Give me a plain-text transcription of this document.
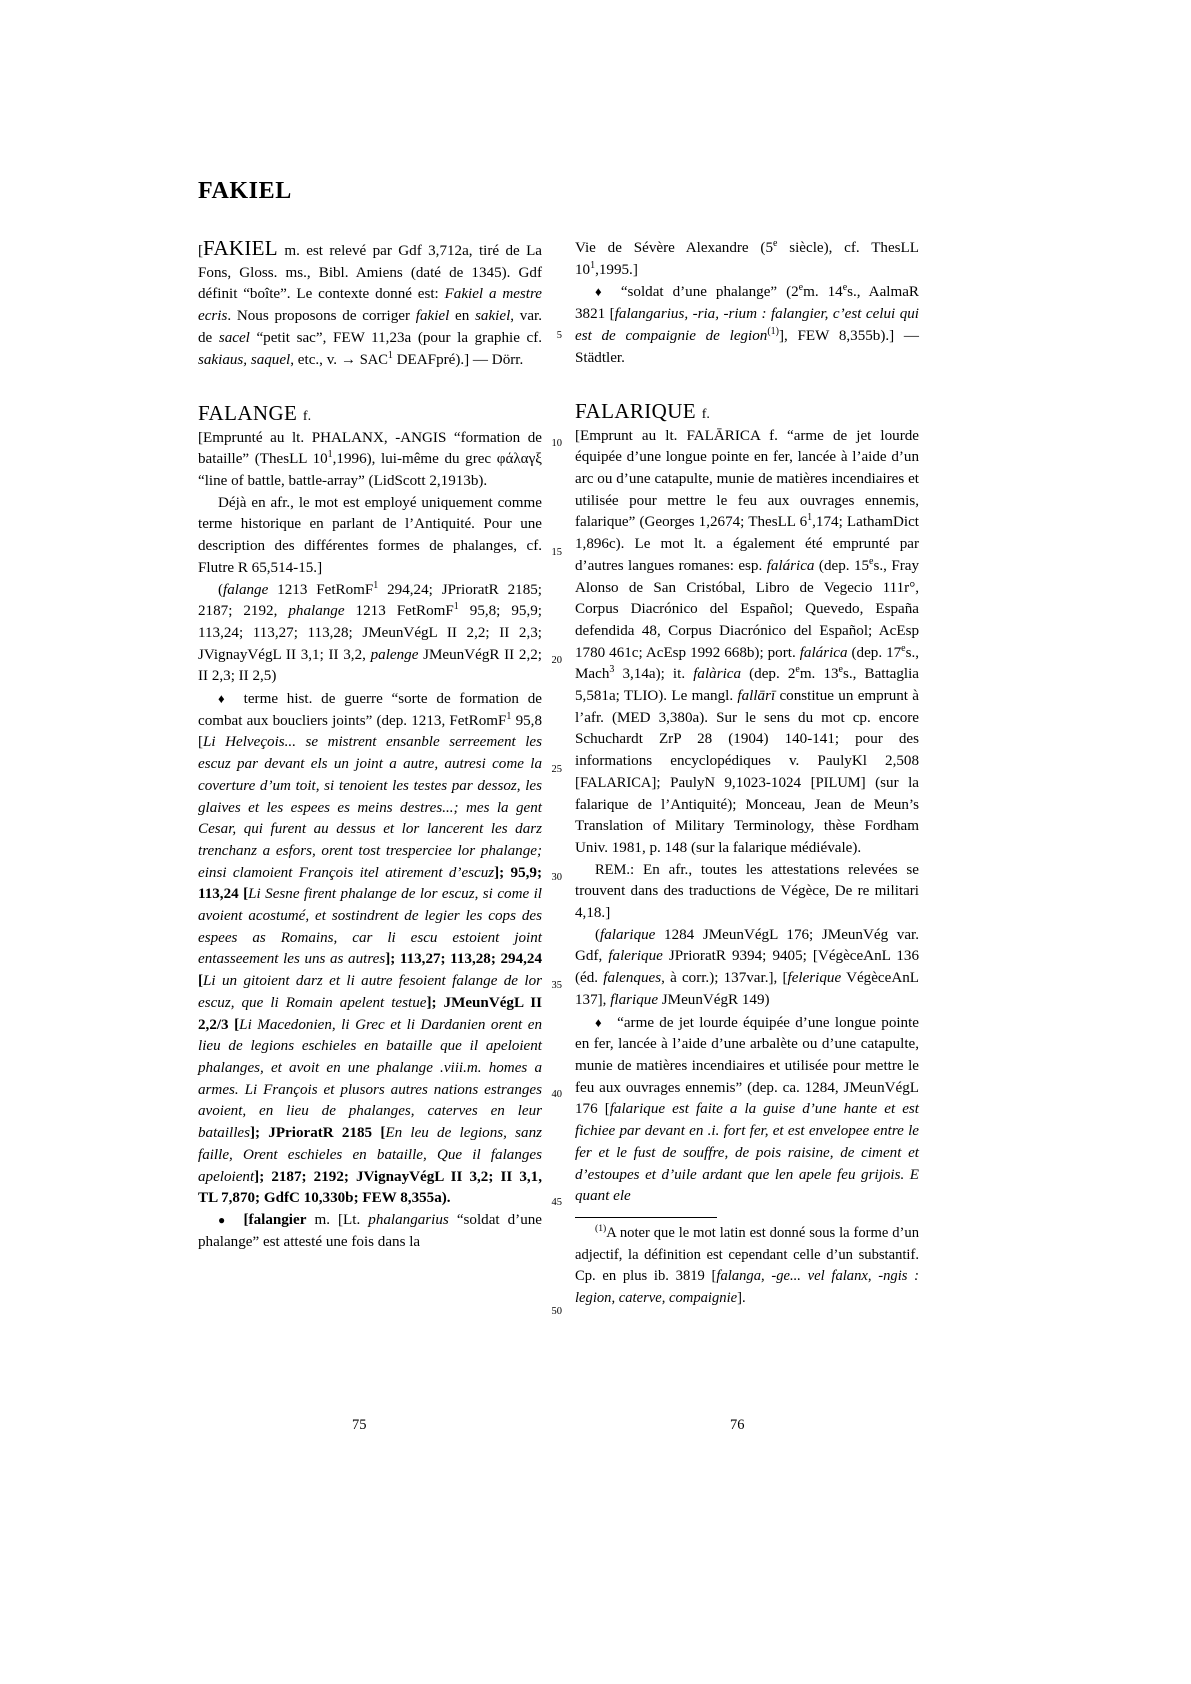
FAKIEL
5
10
15
20
25
30
35
40
45
50

[FAKIEL m. est relevé par Gdf 3,712a, tiré de La Fons, Gloss. ms., Bibl. Amiens (daté de 1345). Gdf définit “boîte”. Le contexte donné est: Fakiel a mestre ecris. Nous proposons de corriger fakiel en sakiel, var. de sacel “petit sac”, FEW 11,23a (pour la graphie cf. sakiaus, saquel, etc., v. → $SAC^1$ DEAFpré).] — Dörr.

FALANGE f.

[Emprunté au lt. PHALANX, -ANGIS “formation de bataille” (ThesLL $10^1,1996$), lui-même du grec φάλαγξ “line of battle, battle-array” (LidScott 2,1913b).

Déjà en afr., le mot est employé uniquement comme terme historique en parlant de l’Antiquité. Pour une description des différentes formes de phalanges, cf. Flutre R 65,514-15.]

(falange 1213 FetRomF$^1$ 294,24; JPrioratR 2185; 2187; 2192, phalange 1213 FetRomF$^1$ 95,8; 95,9; 113,24; 113,27; 113,28; JMeunVégL II 2,2; II 2,3; JVignayVégL II 3,1; II 3,2, palenge JMeunVégR II 2,2; II 2,3; II 2,5)

♦ terme hist. de guerre “sorte de formation de combat aux boucliers joints” (dep. 1213, FetRomF$^1$ 95,8 [Li Helveçois... se mistrent ensanble serreement les escuz par devant els un joint a autre, autresi come la coverture d’um toit, si tenoient les testes par dessoz, les glaives et les espees es meins destres...; mes la gent Cesar, qui furent au dessus et lor lancerent les darz trenchanz a esfors, orent tost tresperciee lor phalange; einsi clamoient François itel atirement d’escuz]; 95,9; 113,24 [Li Sesne firent phalange de lor escuz, si come il avoient acostumé, et sostindrent de legier les cops des espees as Romains, car li escu estoient joint entasseement les uns as autres]; 113,27; 113,28; 294,24 [Li un gitoient darz et li autre fesoient falange de lor escuz, que li Romain apelent testue]; JMeunVégL II 2,2/3 [Li Macedonien, li Grec et li Dardanien orent en lieu de legions eschieles en bataille que il apeloient phalanges, et avoit en une phalange .viii.m. homes a armes. Li François et plusors autres nations estranges avoient, en lieu de phalanges, caterves en leur batailles]; JPrioratR 2185 [En leu de legions, sanz faille, Orent eschieles en bataille, Que il falanges apeloient]; 2187; 2192; JVignayVégL II 3,2; II 3,1, TL 7,870; GdfC 10,330b; FEW 8,355a).

● [falangier m. [Lt. phalangarius “soldat d’une phalange” est attesté une fois dans la

Vie de Sévère Alexandre (5e siècle), cf. ThesLL $10^1,1995$.]

♦ “soldat d’une phalange” (2em. 14es., AalmaR 3821 [falangarius, -ria, -rium : falangier, c’est celui qui est de compaignie de legion$^{(1)}$], FEW 8,355b).] — Städtler.

FALARIQUE f.

[Emprunt au lt. FALĀRICA f. “arme de jet lourde équipée d’une longue pointe en fer, lancée à l’aide d’un arc ou d’une catapulte, munie de matières incendiaires et utilisée pour mettre le feu aux ouvrages ennemis, falarique” (Georges 1,2674; ThesLL $6^1,174$; LathamDict 1,896c). Le mot lt. a également été emprunté par d’autres langues romanes: esp. falárica (dep. 15es., Fray Alonso de San Cristóbal, Libro de Vegecio 111r°, Corpus Diacrónico del Español; Quevedo, España defendida 48, Corpus Diacrónico del Español; AcEsp 1780 461c; AcEsp 1992 668b); port. falárica (dep. 17es., Mach$^3$ 3,14a); it. falàrica (dep. 2em. 13es., Battaglia 5,581a; TLIO). Le mangl. fallārī constitue un emprunt à l’afr. (MED 3,380a). Sur le sens du mot cp. encore Schuchardt ZrP 28 (1904) 140-141; pour des informations encyclopédiques v. PaulyKl 2,508 [FALARICA]; PaulyN 9,1023-1024 [PILUM] (sur la falarique de l’Antiquité); Monceau, Jean de Meun’s Translation of Military Terminology, thèse Fordham Univ. 1981, p. 148 (sur la falarique médiévale).

REM.: En afr., toutes les attestations relevées se trouvent dans des traductions de Végèce, De re militari 4,18.]

(falarique 1284 JMeunVégL 176; JMeunVég var. Gdf, falerique JPrioratR 9394; 9405; [VégèceAnL 136 (éd. falenques, à corr.); 137var.], [felerique VégèceAnL 137], flarique JMeunVégR 149)

♦ “arme de jet lourde équipée d’une longue pointe en fer, lancée à l’aide d’une arbalète ou d’une catapulte, munie de matières incendiaires et utilisée pour mettre le feu aux ouvrages ennemis” (dep. ca. 1284, JMeunVégL 176 [falarique est faite a la guise d’une hante et est fichiee par devant en .i. fort fer, et est envelopee entre le fer et le fust de souffre, de pois raisine, de ciment et d’estoupes et d’uile ardant que len apele feu grijois. E quant ele

$^{(1)}$A noter que le mot latin est donné sous la forme d’un adjectif, la définition est cependant celle d’un substantif. Cp. en plus ib. 3819 [falanga, -ge... vel falanx, -ngis : legion, caterve, compaignie].

75	76
